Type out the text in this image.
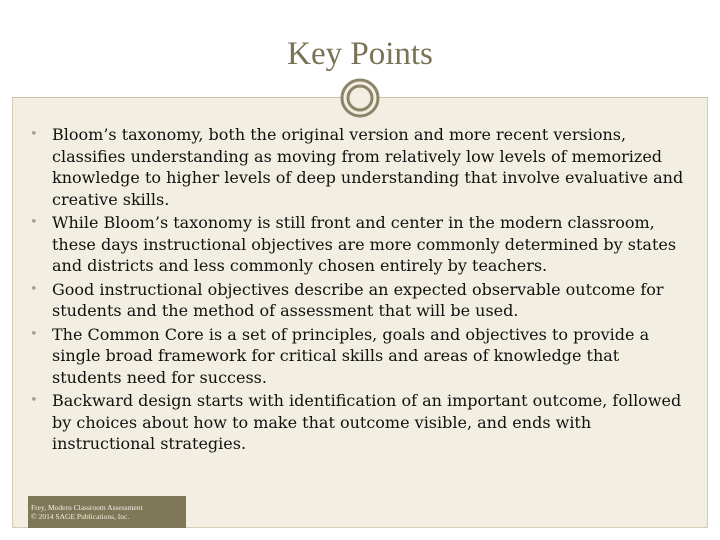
Key Points
• Bloom’s taxonomy, both the original version and more recent versions, classifies understanding as moving from relatively low levels of memorized knowledge to higher levels of deep understanding that involve evaluative and creative skills.
• While Bloom’s taxonomy is still front and center in the modern classroom, these days instructional objectives are more commonly determined by states and districts and less commonly chosen entirely by teachers.
• Good instructional objectives describe an expected observable outcome for students and the method of assessment that will be used.
• The Common Core is a set of principles, goals and objectives to provide a single broad framework for critical skills and areas of knowledge that students need for success.
• Backward design starts with identification of an important outcome, followed by choices about how to make that outcome visible, and ends with instructional strategies.
Frey, Modern Classroom Assessment
© 2014 SAGE Publications, Inc.
